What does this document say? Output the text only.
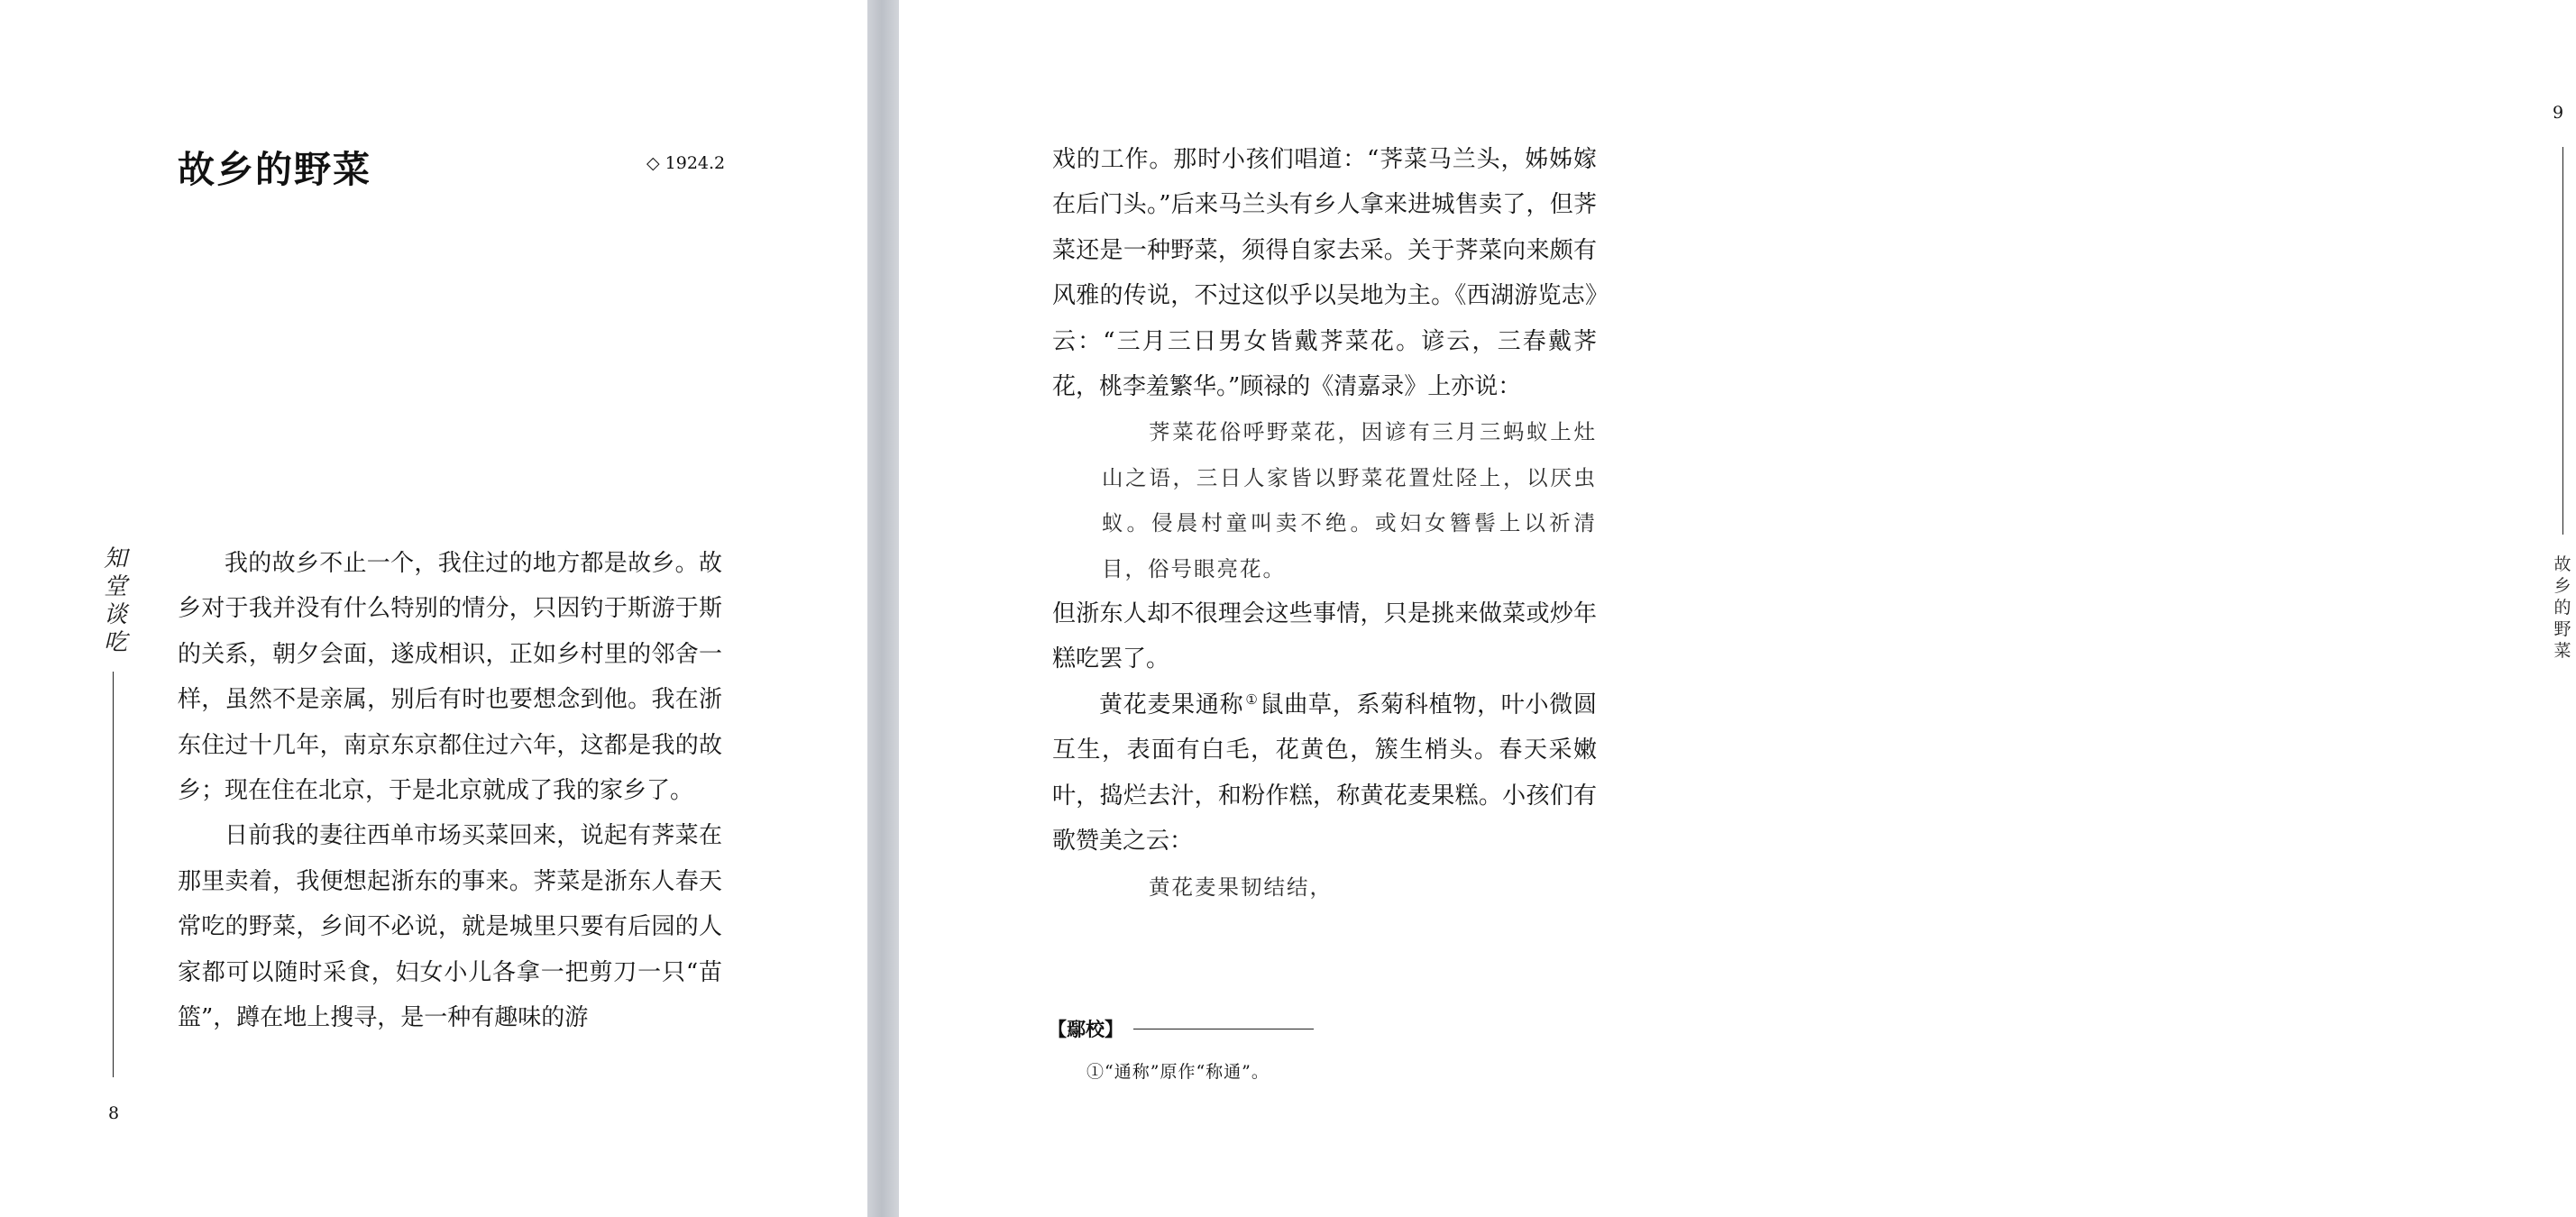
故乡的野菜	◇ 1924.2
知
堂
谈
吃

我的故乡不止一个，我住过的地方都是故乡。故乡对于我并没有什么特别的情分，只因钓于斯游于斯的关系，朝夕会面，遂成相识，正如乡村里的邻舍一样，虽然不是亲属，别后有时也要想念到他。我在浙东住过十几年，南京东京都住过六年，这都是我的故乡；现在住在北京，于是北京就成了我的家乡了。

日前我的妻往西单市场买菜回来，说起有荠菜在那里卖着，我便想起浙东的事来。荠菜是浙东人春天常吃的野菜，乡间不必说，就是城里只要有后园的人家都可以随时采食，妇女小儿各拿一把剪刀一只“苗篮”，蹲在地上搜寻，是一种有趣味的游

8
9
故
乡
的
野
菜

戏的工作。那时小孩们唱道：“荠菜马兰头，姊姊嫁在后门头。”后来马兰头有乡人拿来进城售卖了，但荠菜还是一种野菜，须得自家去采。关于荠菜向来颇有风雅的传说，不过这似乎以吴地为主。《西湖游览志》云：“三月三日男女皆戴荠菜花。谚云，三春戴荠花，桃李羞繁华。”顾禄的《清嘉录》上亦说：

荠菜花俗呼野菜花，因谚有三月三蚂蚁上灶山之语，三日人家皆以野菜花置灶陉上，以厌虫蚁。侵晨村童叫卖不绝。或妇女簪髻上以祈清目，俗号眼亮花。

但浙东人却不很理会这些事情，只是挑来做菜或炒年糕吃罢了。

黄花麦果通称 ①鼠曲草，系菊科植物，叶小微圆互生，表面有白毛，花黄色，簇生梢头。春天采嫩叶，捣烂去汁，和粉作糕，称黄花麦果糕。小孩们有歌赞美之云：

黄花麦果韧结结，

【鄢校】

①“通称”原作“称通”。
